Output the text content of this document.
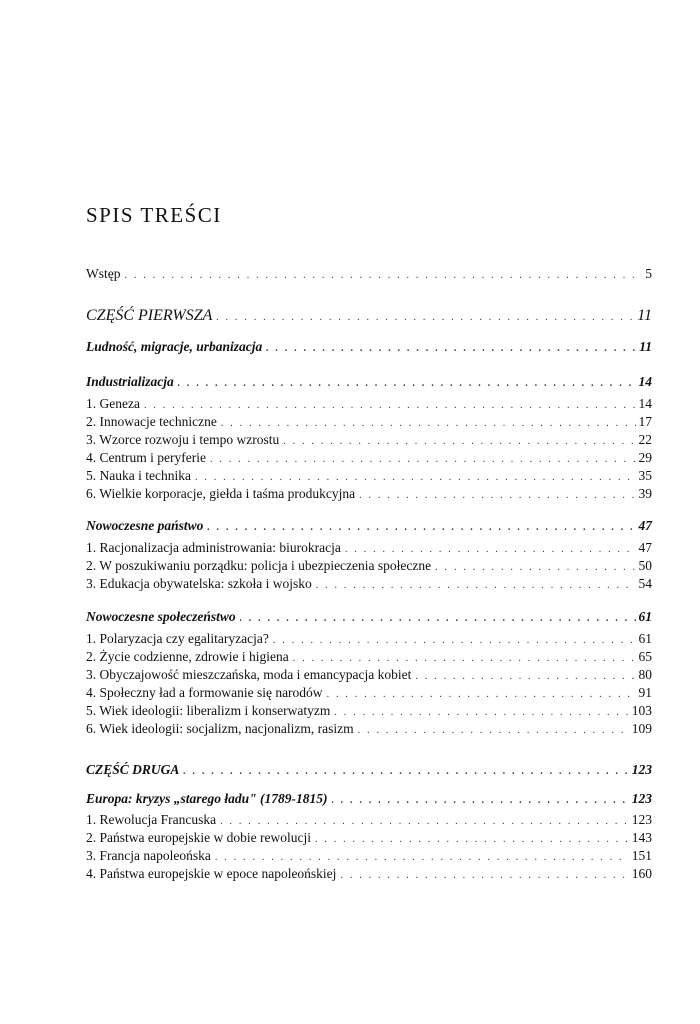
SPIS TREŚCI
Wstęp . . .	5
CZĘŚĆ PIERWSZA . . .	11
Ludność, migracje, urbanizacja . . .	11
Industrializacja . . .	14
1. Geneza . . .	14
2. Innowacje techniczne . . .	17
3. Wzorce rozwoju i tempo wzrostu . . .	22
4. Centrum i peryferie . . .	29
5. Nauka i technika . . .	35
6. Wielkie korporacje, giełda i taśma produkcyjna . . .	39
Nowoczesne państwo . . .	47
1. Racjonalizacja administrowania: biurokracja . . .	47
2. W poszukiwaniu porządku: policja i ubezpieczenia społeczne . . .	50
3. Edukacja obywatelska: szkoła i wojsko . . .	54
Nowoczesne społeczeństwo . . .	61
1. Polaryzacja czy egalitaryzacja? . . .	61
2. Życie codzienne, zdrowie i higiena . . .	65
3. Obyczajowość mieszczańska, moda i emancypacja kobiet . . .	80
4. Społeczny ład a formowanie się narodów . . .	91
5. Wiek ideologii: liberalizm i konserwatyzm . . .	103
6. Wiek ideologii: socjalizm, nacjonalizm, rasizm . . .	109
CZĘŚĆ DRUGA . . .	123
Europa: kryzys „starego ładu" (1789-1815) . . .	123
1. Rewolucja Francuska . . .	123
2. Państwa europejskie w dobie rewolucji . . .	143
3. Francja napoleońska . . .	151
4. Państwa europejskie w epoce napoleońskiej . . .	160
